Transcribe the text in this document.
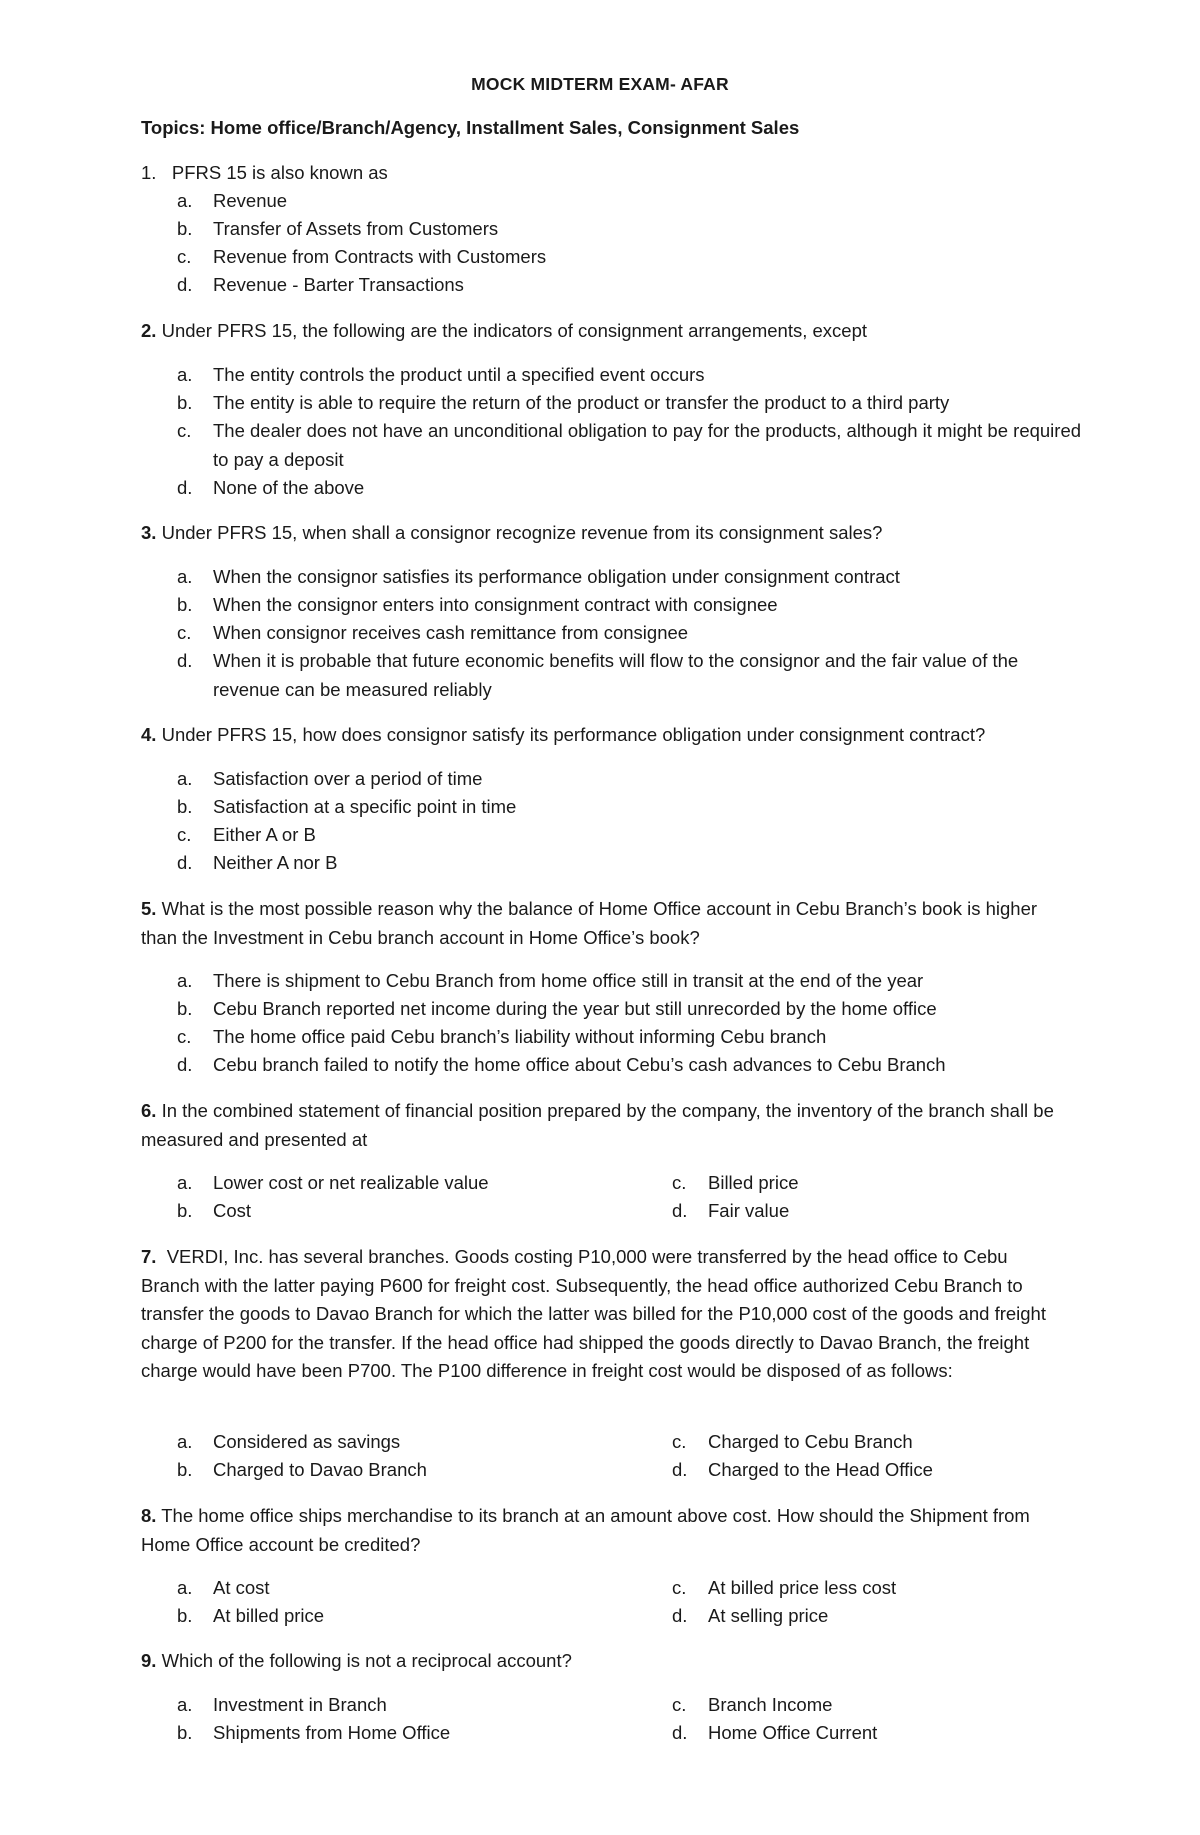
MOCK MIDTERM EXAM- AFAR
Topics: Home office/Branch/Agency, Installment Sales, Consignment Sales
1. PFRS 15 is also known as
a.	Revenue
b.	Transfer of Assets from Customers
c.	Revenue from Contracts with Customers
d.	Revenue - Barter Transactions
2. Under PFRS 15, the following are the indicators of consignment arrangements, except
a.	The entity controls the product until a specified event occurs
b.	The entity is able to require the return of the product or transfer the product to a third party
c.	The dealer does not have an unconditional obligation to pay for the products, although it might be required to pay a deposit
d.	None of the above
3. Under PFRS 15, when shall a consignor recognize revenue from its consignment sales?
a.	When the consignor satisfies its performance obligation under consignment contract
b.	When the consignor enters into consignment contract with consignee
c.	When consignor receives cash remittance from consignee
d.	When it is probable that future economic benefits will flow to the consignor and the fair value of the revenue can be measured reliably
4. Under PFRS 15, how does consignor satisfy its performance obligation under consignment contract?
a.	Satisfaction over a period of time
b.	Satisfaction at a specific point in time
c.	Either A or B
d.	Neither A nor B
5. What is the most possible reason why the balance of Home Office account in Cebu Branch’s book is higher than the Investment in Cebu branch account in Home Office’s book?
a.	There is shipment to Cebu Branch from home office still in transit at the end of the year
b.	Cebu Branch reported net income during the year but still unrecorded by the home office
c.	The home office paid Cebu branch’s liability without informing Cebu branch
d.	Cebu branch failed to notify the home office about Cebu’s cash advances to Cebu Branch
6. In the combined statement of financial position prepared by the company, the inventory of the branch shall be measured and presented at
a.	Lower cost or net realizable value
b.	Cost
c.	Billed price
d.	Fair value
7. VERDI, Inc. has several branches. Goods costing P10,000 were transferred by the head office to Cebu Branch with the latter paying P600 for freight cost. Subsequently, the head office authorized Cebu Branch to transfer the goods to Davao Branch for which the latter was billed for the P10,000 cost of the goods and freight charge of P200 for the transfer. If the head office had shipped the goods directly to Davao Branch, the freight charge would have been P700. The P100 difference in freight cost would be disposed of as follows:
a.	Considered as savings
b.	Charged to Davao Branch
c.	Charged to Cebu Branch
d.	Charged to the Head Office
8. The home office ships merchandise to its branch at an amount above cost. How should the Shipment from Home Office account be credited?
a.	At cost
b.	At billed price
c.	At billed price less cost
d.	At selling price
9. Which of the following is not a reciprocal account?
a.	Investment in Branch
b.	Shipments from Home Office
c.	Branch Income
d.	Home Office Current
